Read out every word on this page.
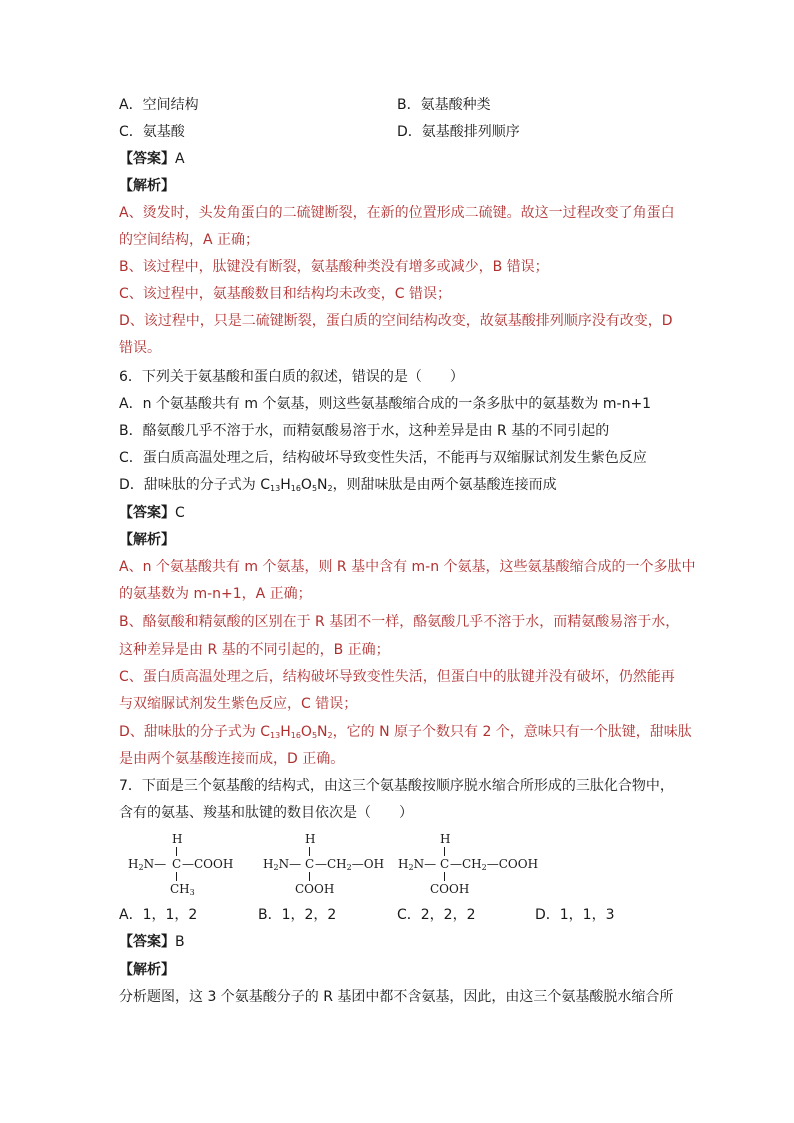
A．空间结构	B．氨基酸种类
C．氨基酸	D．氨基酸排列顺序
【答案】A
【解析】
A、烫发时，头发角蛋白的二硫键断裂，在新的位置形成二硫键。故这一过程改变了角蛋白
的空间结构，A 正确；
B、该过程中，肽键没有断裂，氨基酸种类没有增多或减少，B 错误；
C、该过程中，氨基酸数目和结构均未改变，C 错误；
D、该过程中，只是二硫键断裂，蛋白质的空间结构改变，故氨基酸排列顺序没有改变，D
错误。
6．下列关于氨基酸和蛋白质的叙述，错误的是（　　）
A．n 个氨基酸共有 m 个氨基，则这些氨基酸缩合成的一条多肽中的氨基数为 m-n+1
B．酪氨酸几乎不溶于水，而精氨酸易溶于水，这种差异是由 R 基的不同引起的
C．蛋白质高温处理之后，结构破坏导致变性失活，不能再与双缩脲试剂发生紫色反应
D．甜味肽的分子式为 $C_{13}H_{16}O_5N_2$，则甜味肽是由两个氨基酸连接而成
【答案】C
【解析】
A、n 个氨基酸共有 m 个氨基，则 R 基中含有 m-n 个氨基，这些氨基酸缩合成的一个多肽中
的氨基数为 m-n+1，A 正确；
B、酪氨酸和精氨酸的区别在于 R 基团不一样，酪氨酸几乎不溶于水，而精氨酸易溶于水，
这种差异是由 R 基的不同引起的，B 正确；
C、蛋白质高温处理之后，结构破坏导致变性失活，但蛋白中的肽键并没有破坏，仍然能再
与双缩脲试剂发生紫色反应，C 错误；
D、甜味肽的分子式为 $C_{13}H_{16}O_5N_2$，它的 N 原子个数只有 2 个，意味只有一个肽键，甜味肽
是由两个氨基酸连接而成，D 正确。
7．下面是三个氨基酸的结构式，由这三个氨基酸按顺序脱水缩合所形成的三肽化合物中，
含有的氨基、羧基和肽键的数目依次是（　　）
H
$H_2N—$ C —COOH
$CH_3$
H
$H_2N—$ C $—CH_2—OH$
COOH
H
$H_2N—$ C $—CH_2—COOH$
COOH
A．1，1，2	B．1，2，2	C．2，2，2	D．1，1，3
【答案】B
【解析】
分析题图，这 3 个氨基酸分子的 R 基团中都不含氨基，因此，由这三个氨基酸脱水缩合所
